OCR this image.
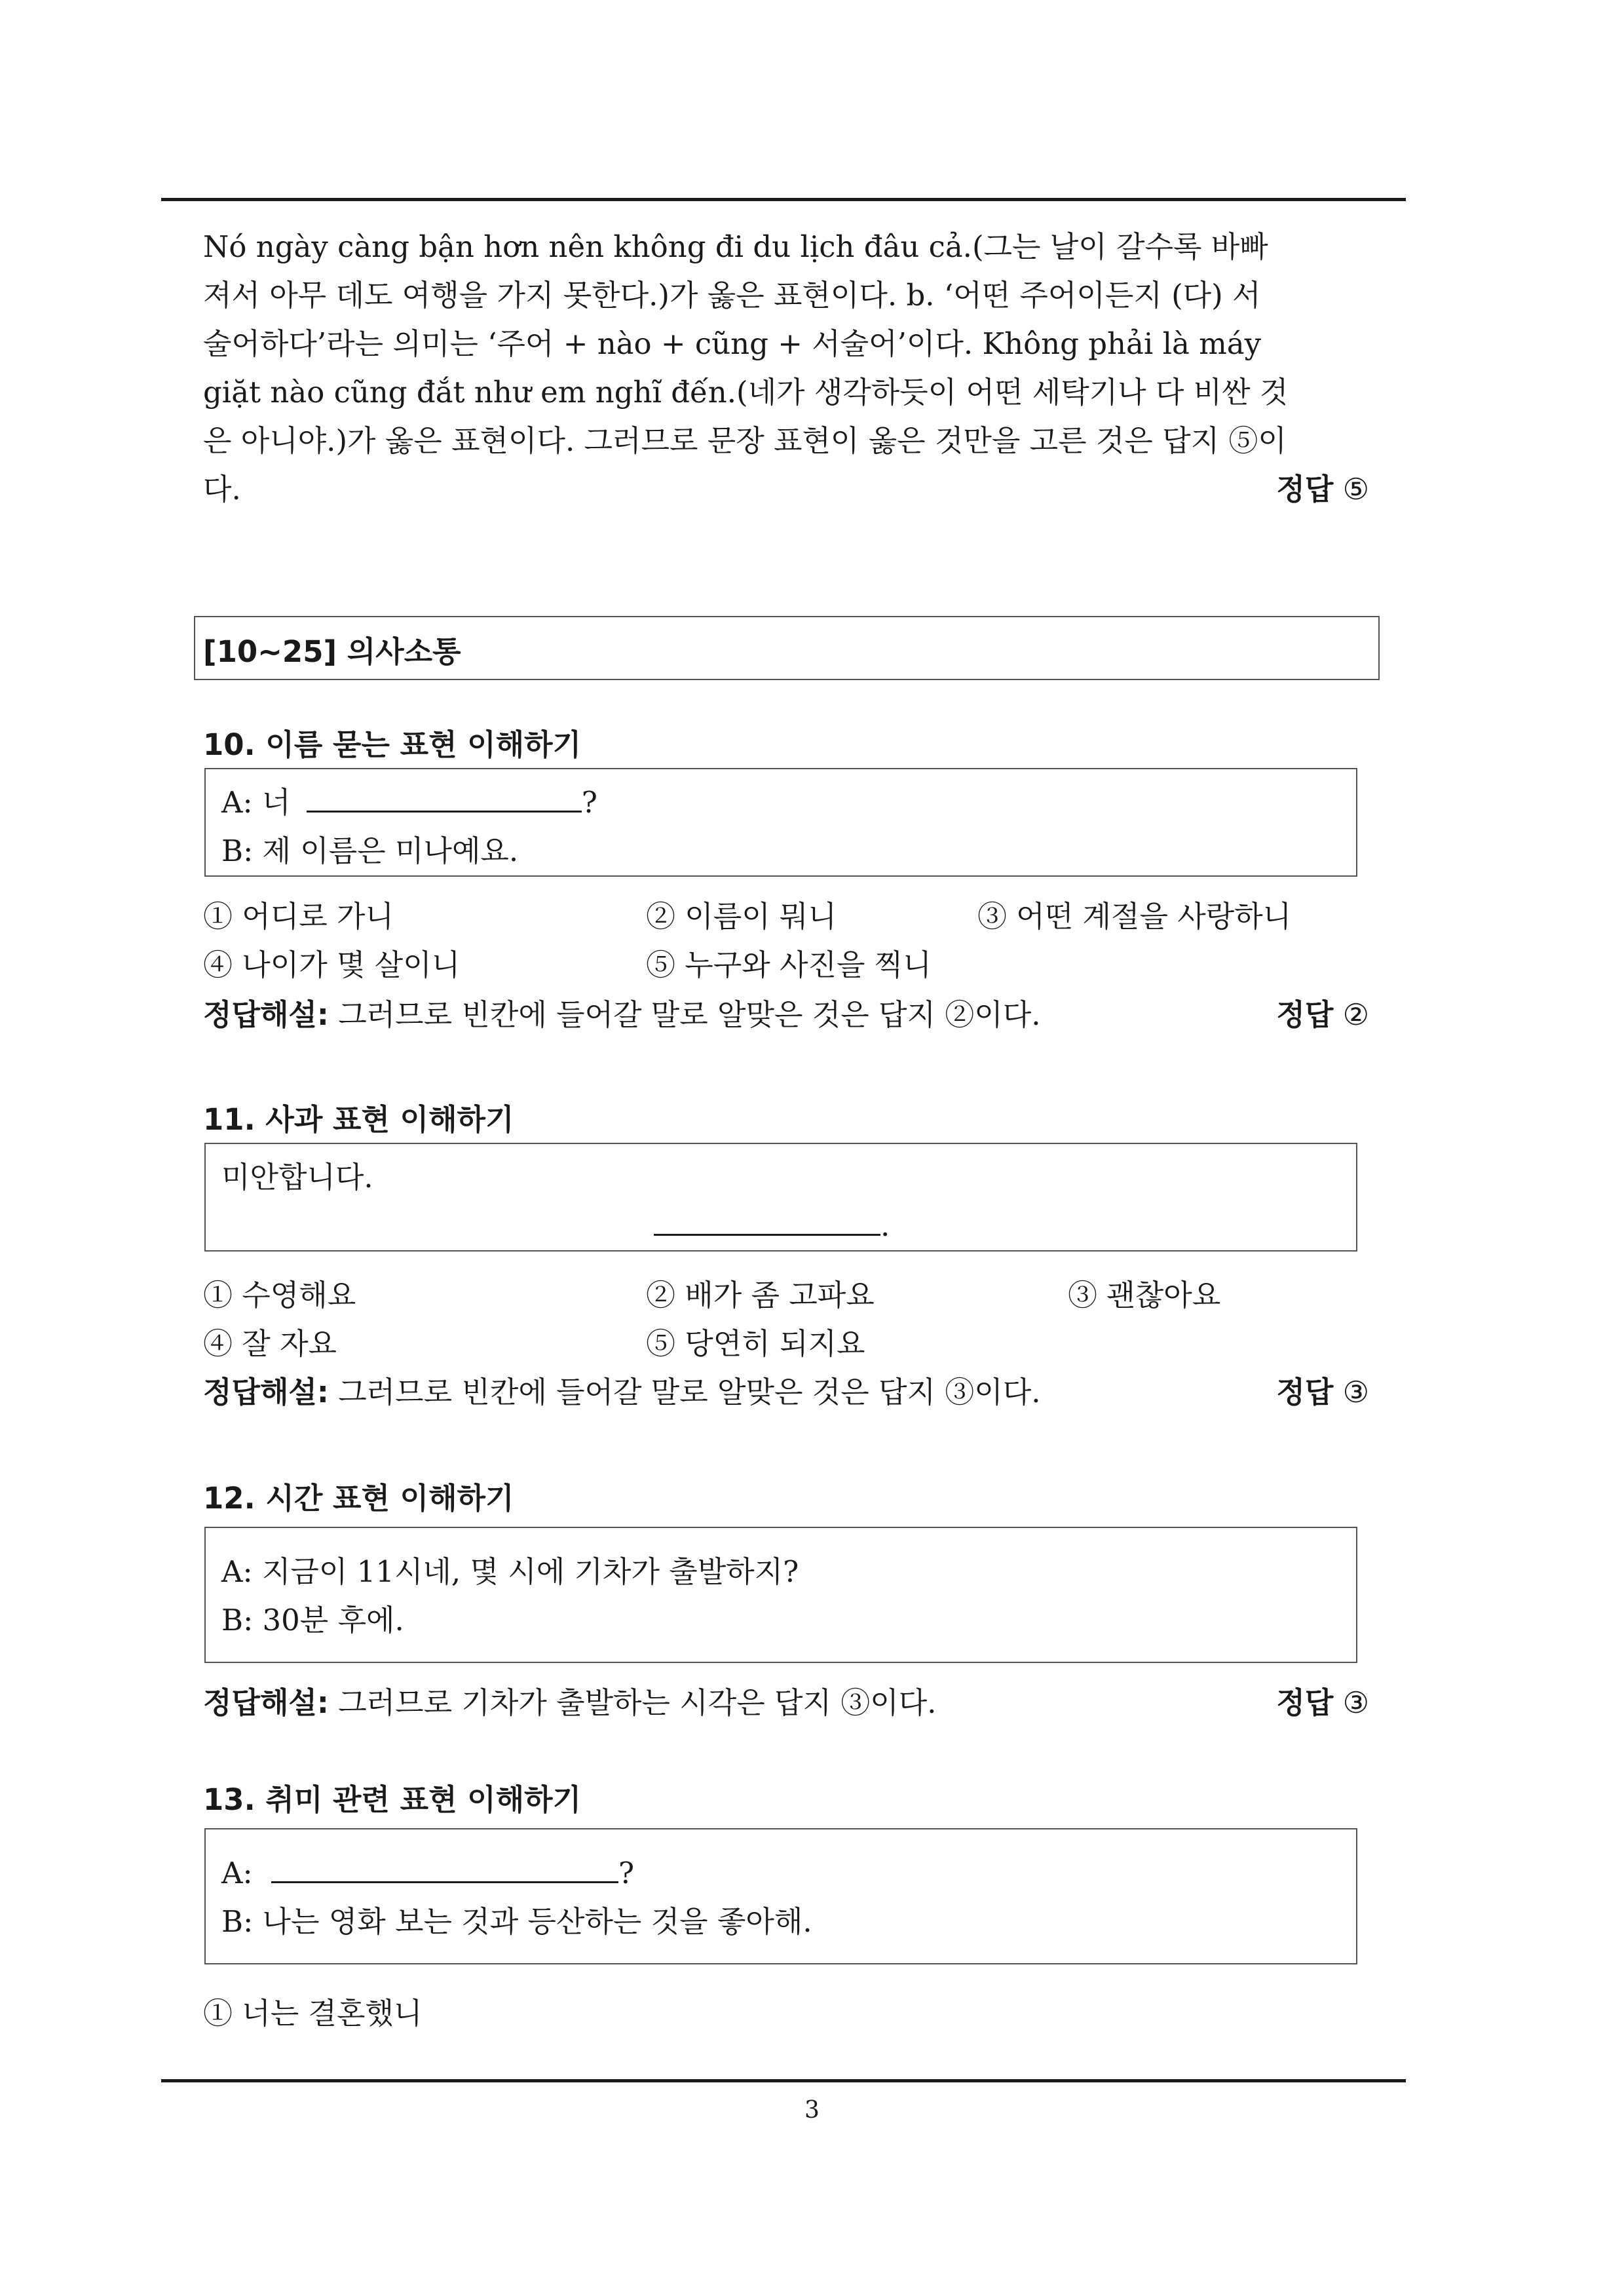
Nó ngày càng bận hơn nên không đi du lịch đâu cả.(그는 날이 갈수록 바빠

져서 아무 데도 여행을 가지 못한다.)가 옳은 표현이다. b. ‘어떤 주어이든지 (다) 서

술어하다’라는 의미는 ‘주어 + nào + cũng + 서술어’이다. Không phải là máy

giặt nào cũng đắt như em nghĩ đến.(네가 생각하듯이 어떤 세탁기나 다 비싼 것

은 아니야.)가 옳은 표현이다. 그러므로 문장 표현이 옳은 것만을 고른 것은 답지 ⑤이

다.	정답 ⑤
[10~25] 의사소통
10. 이름 묻는 표현 이해하기
A: 너	?
B: 제 이름은 미나예요.
① 어디로 가니	② 이름이 뭐니	③ 어떤 계절을 사랑하니
④ 나이가 몇 살이니	⑤ 누구와 사진을 찍니
정답해설: 그러므로 빈칸에 들어갈 말로 알맞은 것은 답지 ②이다.	정답 ②
11. 사과 표현 이해하기
미안합니다.
.
① 수영해요	② 배가 좀 고파요	③ 괜찮아요
④ 잘 자요	⑤ 당연히 되지요
정답해설: 그러므로 빈칸에 들어갈 말로 알맞은 것은 답지 ③이다.	정답 ③
12. 시간 표현 이해하기
A: 지금이 11시네, 몇 시에 기차가 출발하지?
B: 30분 후에.
정답해설: 그러므로 기차가 출발하는 시각은 답지 ③이다.	정답 ③
13. 취미 관련 표현 이해하기
A:	?
B: 나는 영화 보는 것과 등산하는 것을 좋아해.
① 너는 결혼했니
3
